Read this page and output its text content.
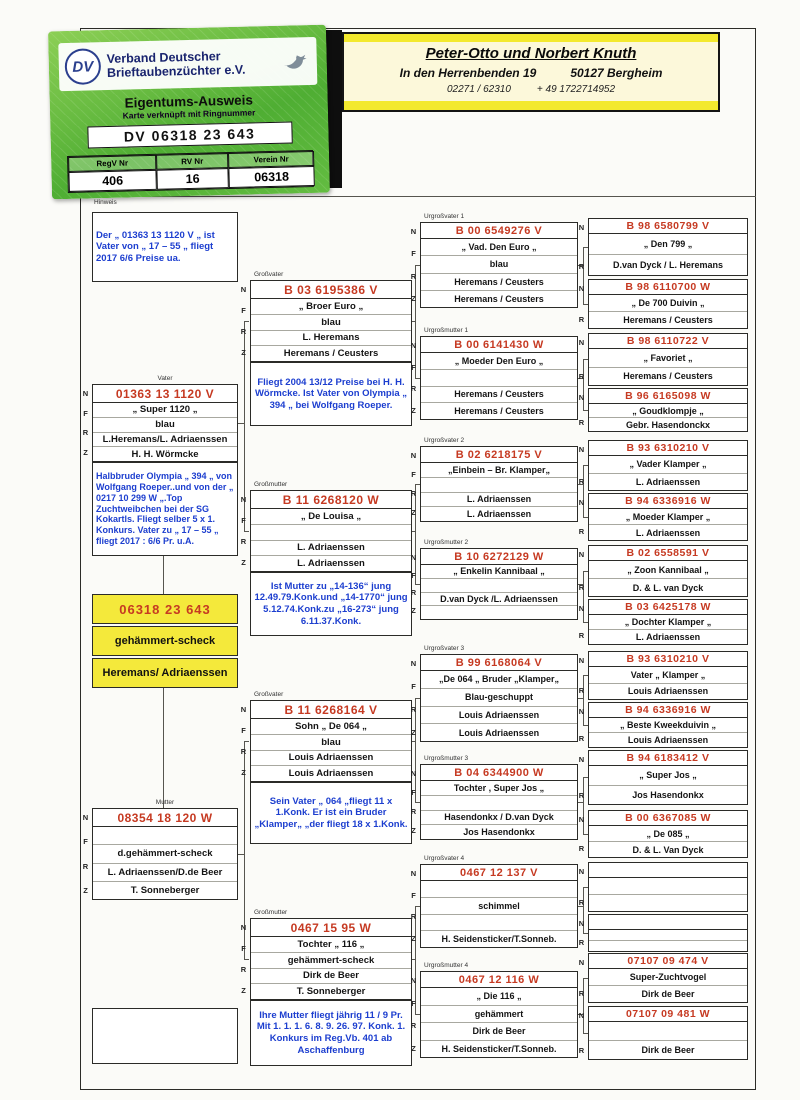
Peter-Otto und Norbert Knuth
In den Herrenbenden 19	50127 Bergheim
02271 / 62310	+ 49 1722714952
DV
Verband Deutscher
Brieftaubenzüchter e.V.
Eigentums-Ausweis
Karte verknüpft mit Ringnummer
DV 06318 23 643
RegV Nr	RV Nr	Verein Nr
406	16	06318
Hinweis
Der „ 01363 13 1120 V „ ist Vater von „ 17 – 55 „ fliegt 2017 6/6 Preise ua.
Vater
01363 13 1120 V
„ Super 1120 „
blau
L.Heremans/L. Adriaenssen
H. H. Wörmcke
Halbbruder Olympia „ 394 „ von Wolfgang Roeper..und von der „ 0217 10 299 W „.Top Zuchtweibchen bei der SG Kokartls. Fliegt selber 5 x 1. Konkurs. Vater zu „ 17 – 55 „ fliegt 2017 : 6/6 Pr. u.A.
06318 23 643
gehämmert-scheck
Heremans/ Adriaenssen
Mutter
08354 18 120 W
d.gehämmert-scheck
L. Adriaenssen/D.de Beer
T. Sonneberger
Großvater
B 03 6195386 V
„ Broer Euro „
blau
L. Heremans
Heremans / Ceusters
Fliegt 2004 13/12 Preise bei H. H. Wörmcke. Ist Vater von Olympia „ 394 „ bei Wolfgang Roeper.
Großmutter
B 11 6268120 W
„ De Louisa „
L. Adriaenssen
L. Adriaenssen
Ist Mutter zu „14-136“ jung 12.49.79.Konk.und „14-1770“ jung 5.12.74.Konk.zu „16-273“ jung 6.11.37.Konk.
Großvater
B 11 6268164 V
Sohn „ De 064 „
blau
Louis Adriaenssen
Louis Adriaenssen
Sein Vater „ 064 „fliegt 11 x 1.Konk. Er ist ein Bruder „Klamper„ „der fliegt 18 x 1.Konk.
Großmutter
0467 15 95 W
Tochter „ 116 „
gehämmert-scheck
Dirk de Beer
T. Sonneberger
Ihre Mutter fliegt jährig 11 / 9 Pr. Mit 1. 1. 1. 6. 8. 9. 26. 97. Konk. 1. Konkurs im Reg.Vb. 401 ab Aschaffenburg
Urgroßvater 1
B 00 6549276 V
„ Vad. Den Euro „
blau
Heremans / Ceusters
Heremans / Ceusters
Urgroßmutter 1
B 00 6141430 W
„ Moeder Den Euro „
Heremans / Ceusters
Heremans / Ceusters
Urgroßvater 2
B 02 6218175 V
„Einbein – Br. Klamper„
L. Adriaenssen
L. Adriaenssen
Urgroßmutter 2
B 10 6272129 W
„ Enkelin Kannibaal „
D.van Dyck /L. Adriaenssen
Urgroßvater 3
B 99 6168064 V
„De 064 „ Bruder „Klamper„
Blau-geschuppt
Louis Adriaenssen
Louis Adriaenssen
Urgroßmutter 3
B 04 6344900 W
Tochter , Super Jos „
Hasendonkx / D.van Dyck
Jos Hasendonkx
Urgroßvater 4
0467 12 137 V
schimmel
H. Seidensticker/T.Sonneb.
Urgroßmutter 4
0467 12 116 W
„ Die 116 „
gehämmert
Dirk de Beer
H. Seidensticker/T.Sonneb.
B 98 6580799 V
„ Den 799 „
D.van Dyck / L. Heremans
B 98 6110700 W
„ De 700 Duivin „
Heremans / Ceusters
B 98 6110722 V
„ Favoriet „
Heremans / Ceusters
B 96 6165098 W
„ Goudklompje „
Gebr. Hasendonckx
B 93 6310210 V
„ Vader Klamper „
L. Adriaenssen
B 94 6336916 W
„ Moeder Klamper „
L. Adriaenssen
B 02 6558591 V
„ Zoon Kannibaal „
D. & L. van Dyck
B 03 6425178 W
„ Dochter Klamper „
L. Adriaenssen
B 93 6310210 V
Vater „ Klamper „
Louis Adriaenssen
B 94 6336916 W
„ Beste Kweekduivin „
Louis Adriaenssen
B 94 6183412 V
„ Super Jos „
Jos Hasendonkx
B 00 6367085 W
„ De 085 „
D. & L. Van Dyck
07107 09 474 V
Super-Zuchtvogel
Dirk de Beer
07107 09 481 W
Dirk de Beer
N
F
R
Z
N
F
R
Z
N
F
R
Z
N
F
R
Z
N
F
R
Z
N
F
R
Z
N
F
R
Z
N
F
R
Z
N
F
R
Z
N
F
R
Z
N
F
R
Z
N
F
R
Z
N
F
R
Z
N
F
R
Z
N
R
N
R
N
R
N
R
N
R
N
R
N
R
N
R
N
R
N
R
N
R
N
R
N
R
N
R
N
R
N
R
